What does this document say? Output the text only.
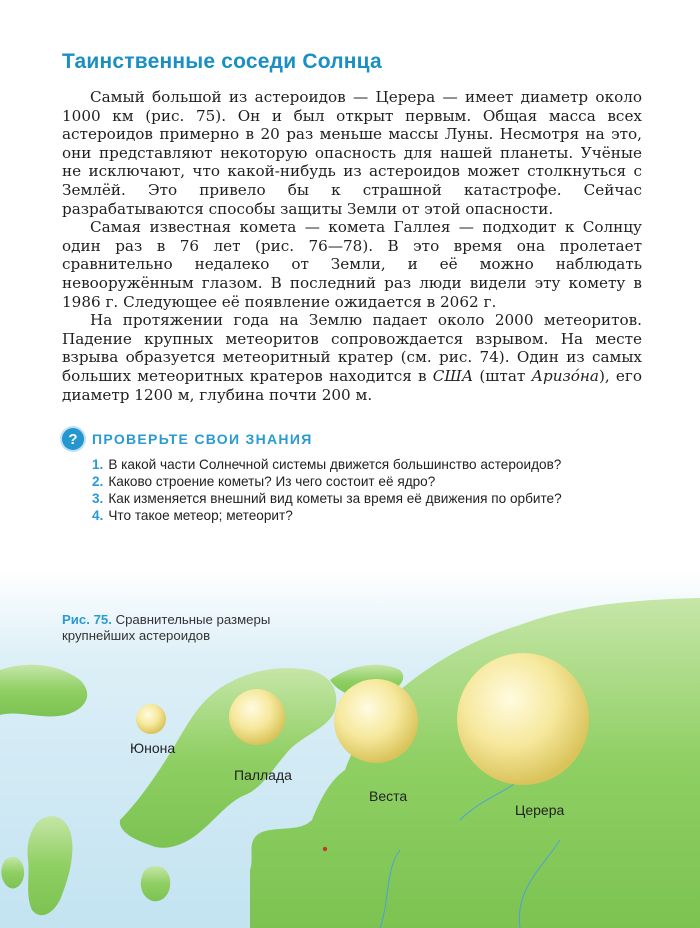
Таинственные соседи Солнца

Самый большой из астероидов — Церера — имеет диаметр около 1000 км (рис. 75). Он и был открыт первым. Общая масса всех астероидов примерно в 20 раз меньше массы Луны. Несмотря на это, они представляют некоторую опасность для нашей планеты. Учёные не исключают, что какой-нибудь из астероидов может столкнуться с Землёй. Это привело бы к страшной катастрофе. Сейчас разрабатываются способы защиты Земли от этой опасности.

Самая известная комета — комета Галлея — подходит к Солнцу один раз в 76 лет (рис. 76—78). В это время она пролетает сравнительно недалеко от Земли, и её можно наблюдать невооружённым глазом. В последний раз люди видели эту комету в 1986 г. Следующее её появление ожидается в 2062 г.

На протяжении года на Землю падает около 2000 метеоритов. Падение крупных метеоритов сопровождается взрывом. На месте взрыва образуется метеоритный кратер (см. рис. 74). Один из самых больших метеоритных кратеров находится в США (штат Аризо́на), его диаметр 1200 м, глубина почти 200 м.

?	ПРОВЕРЬТЕ СВОИ ЗНАНИЯ

1. В какой части Солнечной системы движется большинство астероидов?

2. Каково строение кометы? Из чего состоит её ядро?

3. Как изменяется внешний вид кометы за время её движения по орбите?

4. Что такое метеор; метеорит?

Рис. 75. Сравнительные размеры крупнейших астероидов
Юнона
Паллада
Веста
Церера
